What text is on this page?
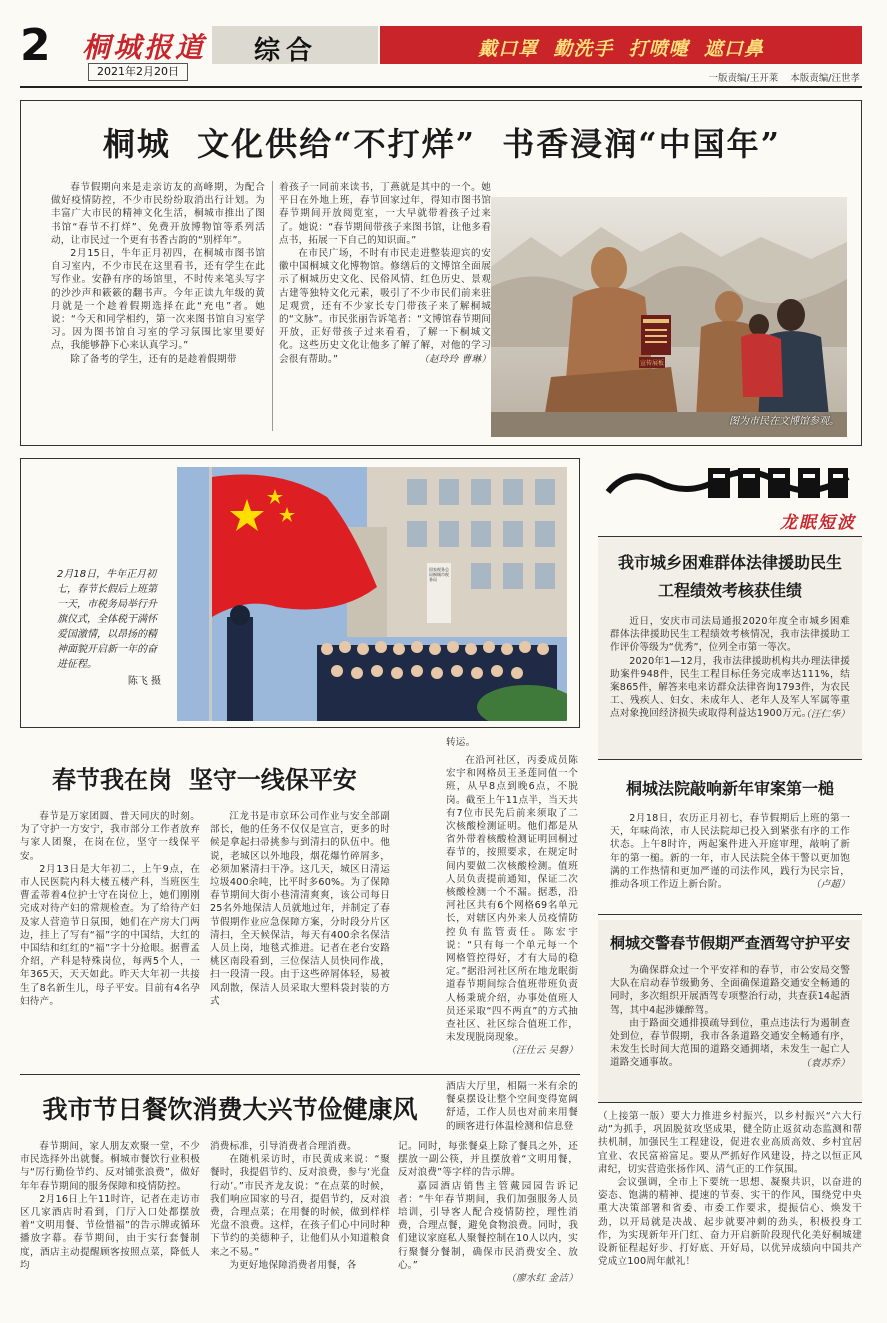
2 桐城报道
2021年2月20日
综合	戴口罩  勤洗手  打喷嚏  遮口鼻
一版责编/王开莱    本版责编/汪世孝
桐城  文化供给“不打烊”  书香浸润“中国年”

春节假期向来是走亲访友的高峰期，为配合做好疫情防控，不少市民纷纷取消出行计划。为丰富广大市民的精神文化生活，桐城市推出了图书馆“春节不打烊”、免费开放博物馆等系列活动，让市民过一个更有书香古韵的“别样年”。

2月15日，牛年正月初四，在桐城市图书馆自习室内，不少市民在这里看书，还有学生在此写作业。安静有序的场馆里，不时传来笔头写字的沙沙声和簌簌的翻书声。今年正读九年级的黄月就是一个趁着假期选择在此“充电”者。她说：“今天和同学相约，第一次来图书馆自习室学习。因为图书馆自习室的学习氛围比家里要好点，我能够静下心来认真学习。”

除了备考的学生，还有的是趁着假期带

着孩子一同前来读书，丁燕就是其中的一个。她平日在外地上班，春节回家过年，得知市图书馆春节期间开放阅览室，一大早就带着孩子过来了。她说：“春节期间带孩子来图书馆，让他多看点书，拓展一下自己的知识面。”

在市民广场，不时有市民走进整装迎宾的安徽中国桐城文化博物馆。修缮后的文博馆全面展示了桐城历史文化、民俗风情、红色历史、景观古建等独特文化元素，吸引了不少市民们前来驻足观赏，还有不少家长专门带孩子来了解桐城的“文脉”。市民张丽告诉笔者：“文博馆春节期间开放，正好带孩子过来看看，了解一下桐城文化。这些历史文化让他多了解了解，对他的学习会很有帮助。”	（赵玲玲 曹琳）	宣传展板
图为市民在文博馆参观。
2月18日，牛年正月初七，春节长假后上班第一天，市税务局举行升旗仪式，全体税干满怀爱国激情，以昂扬的精神面貌开启新一年的奋进征程。
陈飞 摄
国家税务总局桐城市税务局
龙眠短波
我市城乡困难群体法律援助民生工程绩效考核获佳绩

近日，安庆市司法局通报2020年度全市城乡困难群体法律援助民生工程绩效考核情况，我市法律援助工作评价等级为“优秀”，位列全市第一等次。

2020年1—12月，我市法律援助机构共办理法律援助案件948件，民生工程目标任务完成率达111%，结案865件，解答来电来访群众法律咨询1793件，为农民工、残疾人、妇女、未成年人、老年人及军人军属等重点对象挽回经济损失或取得利益达1900万元。

（汪仁华）
桐城法院敲响新年审案第一槌

2月18日，农历正月初七，春节假期后上班的第一天，年味尚浓，市人民法院却已投入到紧张有序的工作状态。上午8时许，两起案件进入开庭审理，敲响了新年的第一槌。新的一年，市人民法院全体干警以更加饱满的工作热情和更加严谨的司法作风，践行为民宗旨，推动各项工作迈上新台阶。	（卢超）
桐城交警春节假期严查酒驾守护平安

为确保群众过一个平安祥和的春节，市公安局交警大队在启动春节级勤务、全面确保道路交通安全畅通的同时，多次组织开展酒驾专项整治行动，共查获14起酒驾，其中4起涉嫌醉驾。

由于路面交通排摸疏导到位，重点违法行为遏制查处到位，春节假期，我市各条道路交通安全畅通有序，未发生长时间大范围的道路交通拥堵，未发生一起亡人道路交通事故。	（袁苏乔）

（上接第一版）要大力推进乡村振兴，以乡村振兴“六大行动”为抓手，巩固脱贫攻坚成果，健全防止返贫动态监测和帮扶机制，加强民生工程建设，促进农业高质高效、乡村宜居宜业、农民富裕富足。要从严抓好作风建设，持之以恒正风肃纪，切实营造张扬作风、清气正的工作氛围。

会议强调，全市上下要统一思想、凝聚共识，以奋进的姿态、饱满的精神、提速的节奏、实干的作风，围绕党中央重大决策部署和省委、市委工作要求，提振信心、焕发干劲，以开局就是决战、起步就要冲刺的劲头，积极投身工作，为实现新年开门红、奋力开启新阶段现代化美好桐城建设新征程起好步、打好底、开好局，以优异成绩向中国共产党成立100周年献礼！

春节我在岗  坚守一线保平安
转运。

春节是万家团圆、普天同庆的时刻。为了守护一方安宁，我市部分工作者放弃与家人团聚，在岗在位，坚守一线保平安。

2月13日是大年初二，上午9点，在市人民医院内科大楼五楼产科，当班医生曹孟蒂着4位护士守在岗位上，她们刚刚完成对待产妇的常规检查。为了给待产妇及家人营造节日氛围，她们在产房大门两边，挂上了写有“福”字的中国结，大红的中国结和红红的“福”字十分抢眼。据曹孟介绍，产科是特殊岗位，每两5个人，一年365天，天天如此。昨天大年初一共接生了8名新生儿，母子平安。目前有4名孕妇待产。

江龙书是市京环公司作业与安全部副部长，他的任务不仅仅是宣言，更多的时候是拿起扫帚挑参与到清扫的队伍中。他说，老城区以外地段，烟花爆竹碎屑多，必须加紧清扫干净。这几天，城区日清运垃圾400余吨，比平时多60%。为了保障春节期间大街小巷清清爽爽，该公司每日25名外地保洁人员就地过年，并制定了春节假期作业应急保障方案，分时段分片区清扫，全天候保洁，每天有400余名保洁人员上岗，地毯式推进。记者在老台安路桃区南段看到，三位保洁人员快同作战，扫一段清一段。由于这些碎屑体轻，易被风刮散，保洁人员采取大塑料袋封装的方式

在沿河社区，丙委成员陈宏宇和网格员王圣莲同值一个班，从早8点到晚6点，不脱岗。截至上午11点半，当天共有7位市民先后前来须取了二次核酸检测证明。他们都是从省外带着核酸检测证明回桐过春节的，按照要求，在规定时间内要做二次核酸检测。值班人员负责提前通知，保证二次核酸检测一个不漏。据悉，沿河社区共有6个网格69名单元长，对辖区内外来人员疫情防控负有监管责任。陈宏宇说：“只有每一个单元每一个网格管控得好，才有大局的稳定。”据沿河社区所在地龙眠街道春节期间综合值班带班负责人杨秉琥介绍，办事处值班人员还采取“四不两直”的方式抽查社区、社区综合值班工作，未发现脱岗现象。

（汪仕云 吴磐）
我市节日餐饮消费大兴节俭健康风
酒店大厅里，相隔一米有余的餐桌摆设让整个空间变得宽阔舒适，工作人员也对前来用餐的顾客进行体温检测和信息登

春节期间，家人朋友欢聚一堂，不少市民选择外出就餐。桐城市餐饮行业积极与“厉行勤俭节约、反对铺张浪费”，做好年年春节期间的服务保障和疫情防控。

2月16日上午11时许，记者在走访市区几家酒店时看到，门厅入口处都摆放着“文明用餐、节俭惜福”的告示牌或循环播放字幕。春节期间，由于实行套餐制度，酒店主动提醒顾客按照点菜，降低人均

消费标准，引导消费者合理消费。

在随机采访时，市民黄成来说：“聚餐时，我提倡节约、反对浪费，参与‘光盘行动’。”市民齐龙友说：“在点菜的时候，我们响应国家的号召，提倡节约，反对浪费，合理点菜；在用餐的时候，做到样样光盘不浪费。这样，在孩子们心中同时种下节约的美德种子，让他们从小知道粮食来之不易。”

为更好地保障消费者用餐，各

记。同时，每张餐桌上除了餐具之外，还摆放一副公筷，并且摆放着“文明用餐，反对浪费”等字样的告示牌。

嘉园酒店销售主管戴园园告诉记者：“牛年春节期间，我们加强服务人员培训，引导客人配合疫情防控，理性消费，合理点餐，避免食物浪费。同时，我们建议家庭私人聚餐控制在10人以内，实行聚餐分餐制，确保市民消费安全、放心。”

（廖水红 金洁）
